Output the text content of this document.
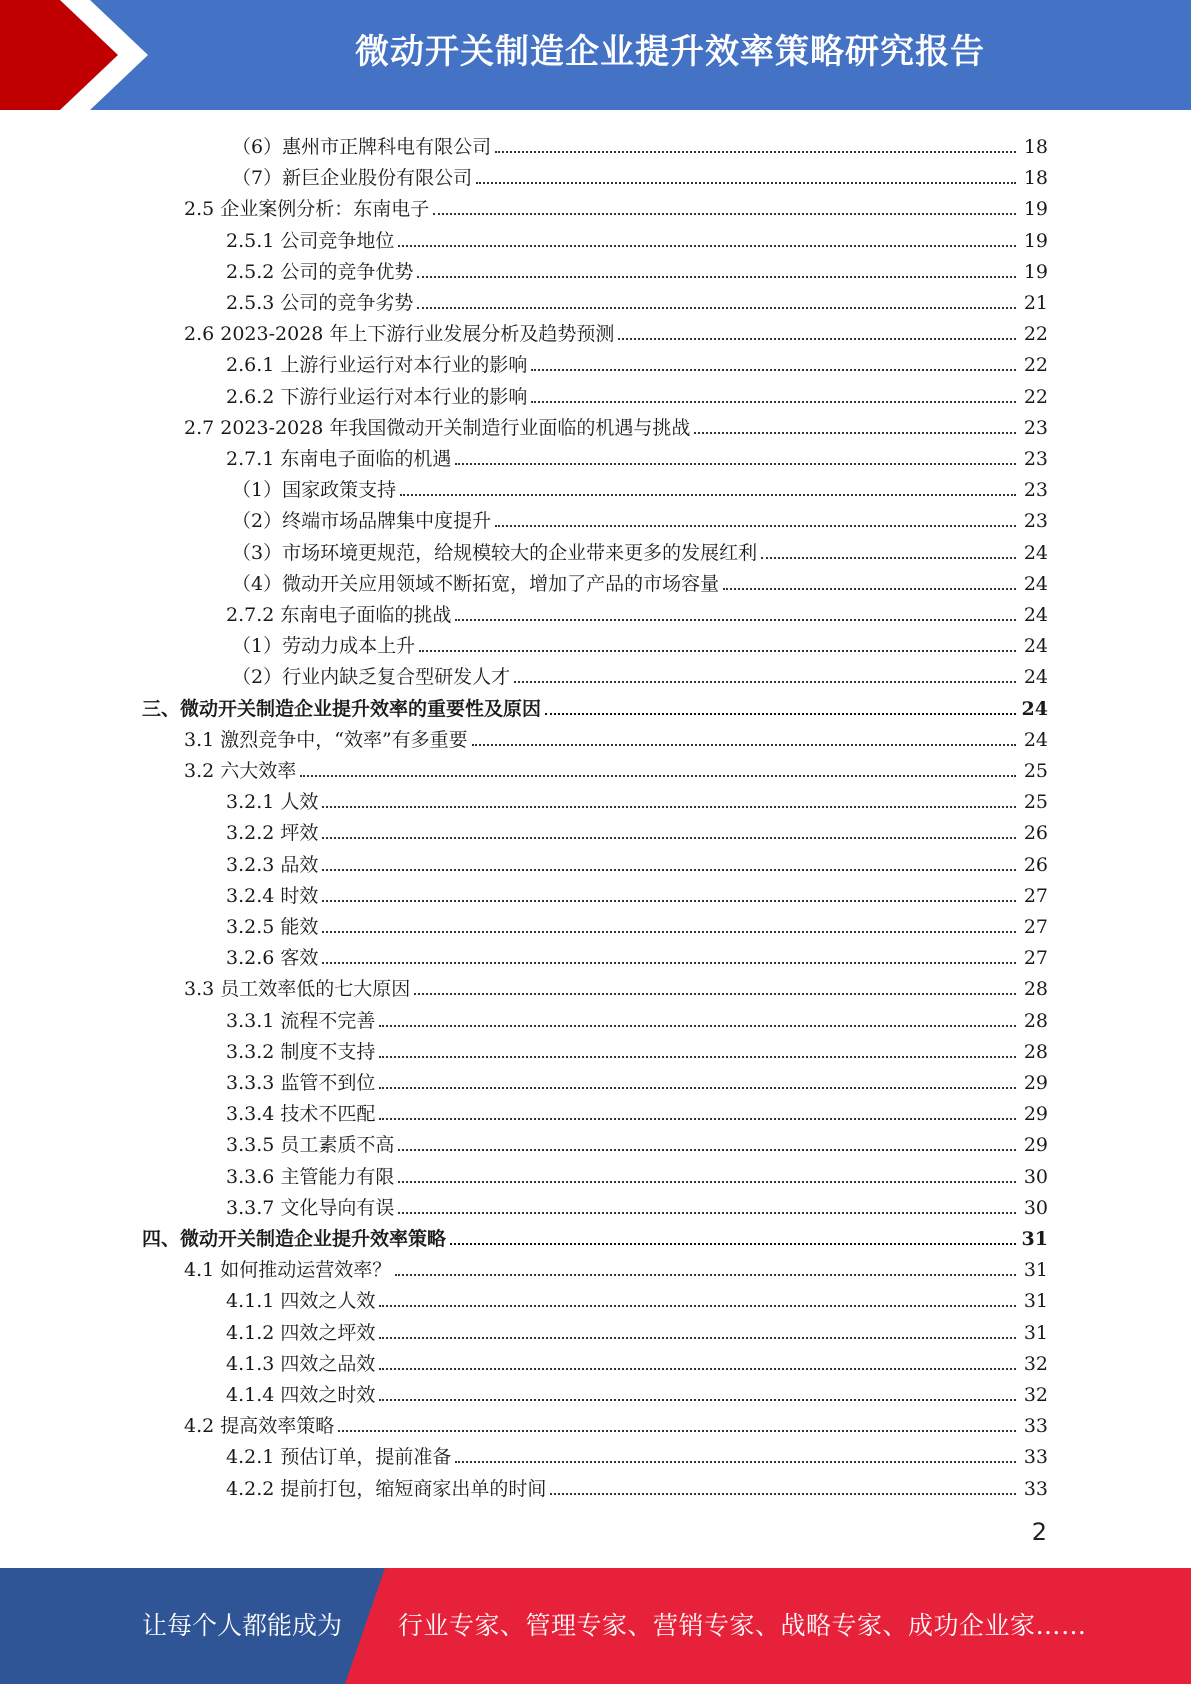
微动开关制造企业提升效率策略研究报告
（6）惠州市正牌科电有限公司	18
（7）新巨企业股份有限公司	18
2.5 企业案例分析：东南电子	19
2.5.1 公司竞争地位	19
2.5.2 公司的竞争优势	19
2.5.3 公司的竞争劣势	21
2.6 2023-2028 年上下游行业发展分析及趋势预测	22
2.6.1 上游行业运行对本行业的影响	22
2.6.2 下游行业运行对本行业的影响	22
2.7 2023-2028 年我国微动开关制造行业面临的机遇与挑战	23
2.7.1 东南电子面临的机遇	23
（1）国家政策支持	23
（2）终端市场品牌集中度提升	23
（3）市场环境更规范，给规模较大的企业带来更多的发展红利	24
（4）微动开关应用领域不断拓宽，增加了产品的市场容量	24
2.7.2 东南电子面临的挑战	24
（1）劳动力成本上升	24
（2）行业内缺乏复合型研发人才	24
三、微动开关制造企业提升效率的重要性及原因	24
3.1 激烈竞争中，“效率”有多重要	24
3.2 六大效率	25
3.2.1 人效	25
3.2.2 坪效	26
3.2.3 品效	26
3.2.4 时效	27
3.2.5 能效	27
3.2.6 客效	27
3.3 员工效率低的七大原因	28
3.3.1 流程不完善	28
3.3.2 制度不支持	28
3.3.3 监管不到位	29
3.3.4 技术不匹配	29
3.3.5 员工素质不高	29
3.3.6 主管能力有限	30
3.3.7 文化导向有误	30
四、微动开关制造企业提升效率策略	31
4.1 如何推动运营效率？	31
4.1.1 四效之人效	31
4.1.2 四效之坪效	31
4.1.3 四效之品效	32
4.1.4 四效之时效	32
4.2 提高效率策略	33
4.2.1 预估订单，提前准备	33
4.2.2 提前打包，缩短商家出单的时间	33
2
让每个人都能成为 行业专家、管理专家、营销专家、战略专家、成功企业家……
